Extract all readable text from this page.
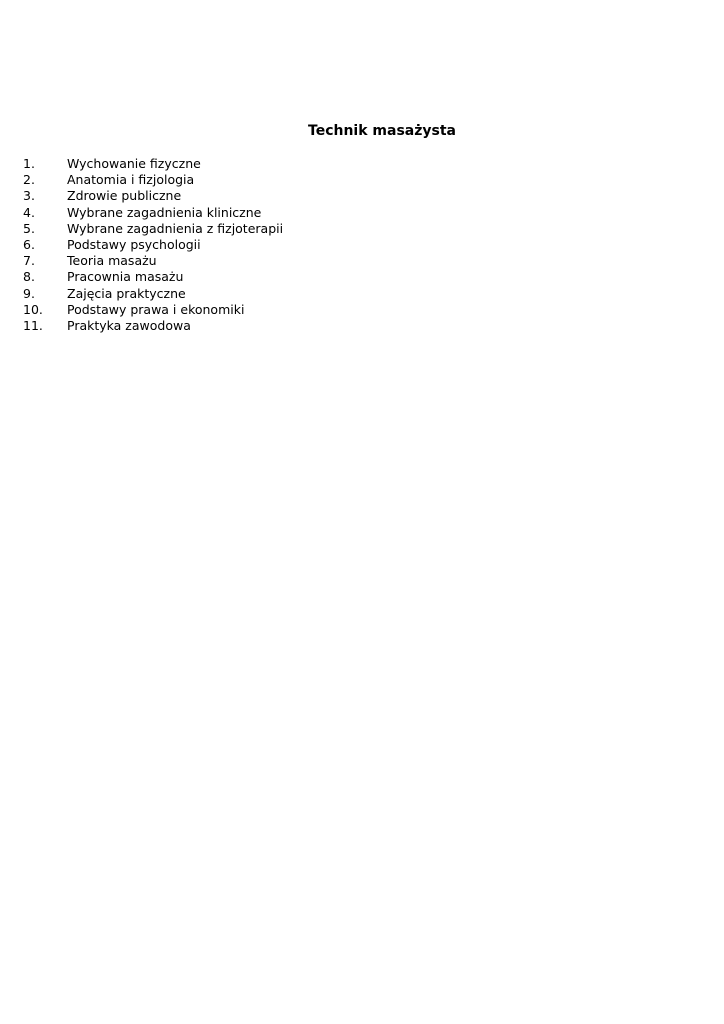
Technik masażysta
1.	Wychowanie fizyczne
2.	Anatomia i fizjologia
3.	Zdrowie publiczne
4.	Wybrane zagadnienia kliniczne
5.	Wybrane zagadnienia z fizjoterapii
6.	Podstawy psychologii
7.	Teoria masażu
8.	Pracownia masażu
9.	Zajęcia praktyczne
10.	Podstawy prawa i ekonomiki
11.	Praktyka zawodowa
